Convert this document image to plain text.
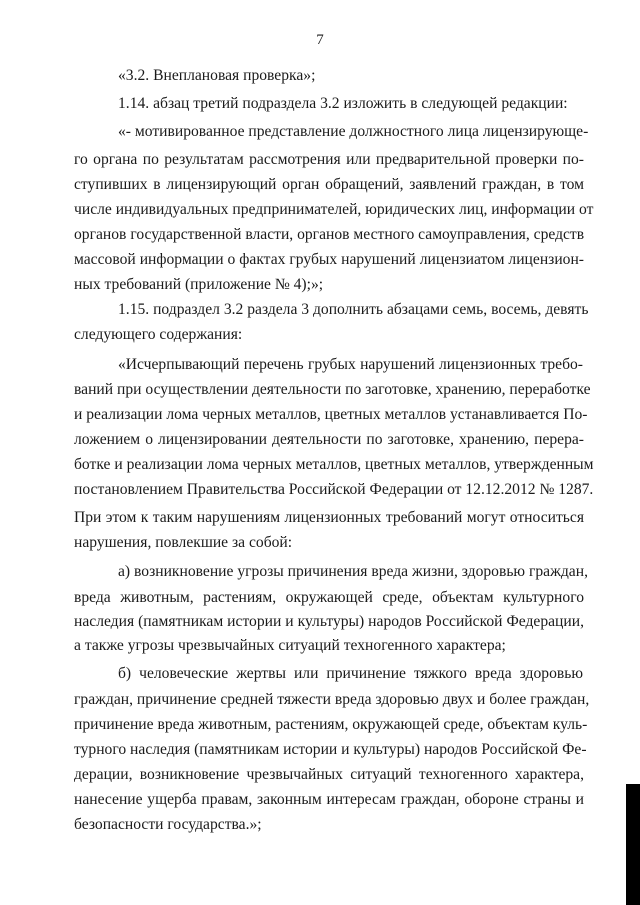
7
«3.2. Внеплановая проверка»;
1.14. абзац третий подраздела 3.2 изложить в следующей редакции:
«- мотивированное представление должностного лица лицензирующе-
го органа по результатам рассмотрения или предварительной проверки по-
ступивших в лицензирующий орган обращений, заявлений граждан, в том
числе индивидуальных предпринимателей, юридических лиц, информации от
органов государственной власти, органов местного самоуправления, средств
массовой информации о фактах грубых нарушений лицензиатом лицензион-
ных требований (приложение № 4);»;
1.15. подраздел 3.2 раздела 3 дополнить абзацами семь, восемь, девять
следующего содержания:
«Исчерпывающий перечень грубых нарушений лицензионных требо-
ваний при осуществлении деятельности по заготовке, хранению, переработке
и реализации лома черных металлов, цветных металлов устанавливается По-
ложением о лицензировании деятельности по заготовке, хранению, перера-
ботке и реализации лома черных металлов, цветных металлов, утвержденным
постановлением Правительства Российской Федерации от 12.12.2012 № 1287.
При этом к таким нарушениям лицензионных требований могут относиться
нарушения, повлекшие за собой:
а) возникновение угрозы причинения вреда жизни, здоровью граждан,
вреда животным, растениям, окружающей среде, объектам культурного
наследия (памятникам истории и культуры) народов Российской Федерации,
а также угрозы чрезвычайных ситуаций техногенного характера;
б) человеческие жертвы или причинение тяжкого вреда здоровью
граждан, причинение средней тяжести вреда здоровью двух и более граждан,
причинение вреда животным, растениям, окружающей среде, объектам куль-
турного наследия (памятникам истории и культуры) народов Российской Фе-
дерации, возникновение чрезвычайных ситуаций техногенного характера,
нанесение ущерба правам, законным интересам граждан, обороне страны и
безопасности государства.»;
